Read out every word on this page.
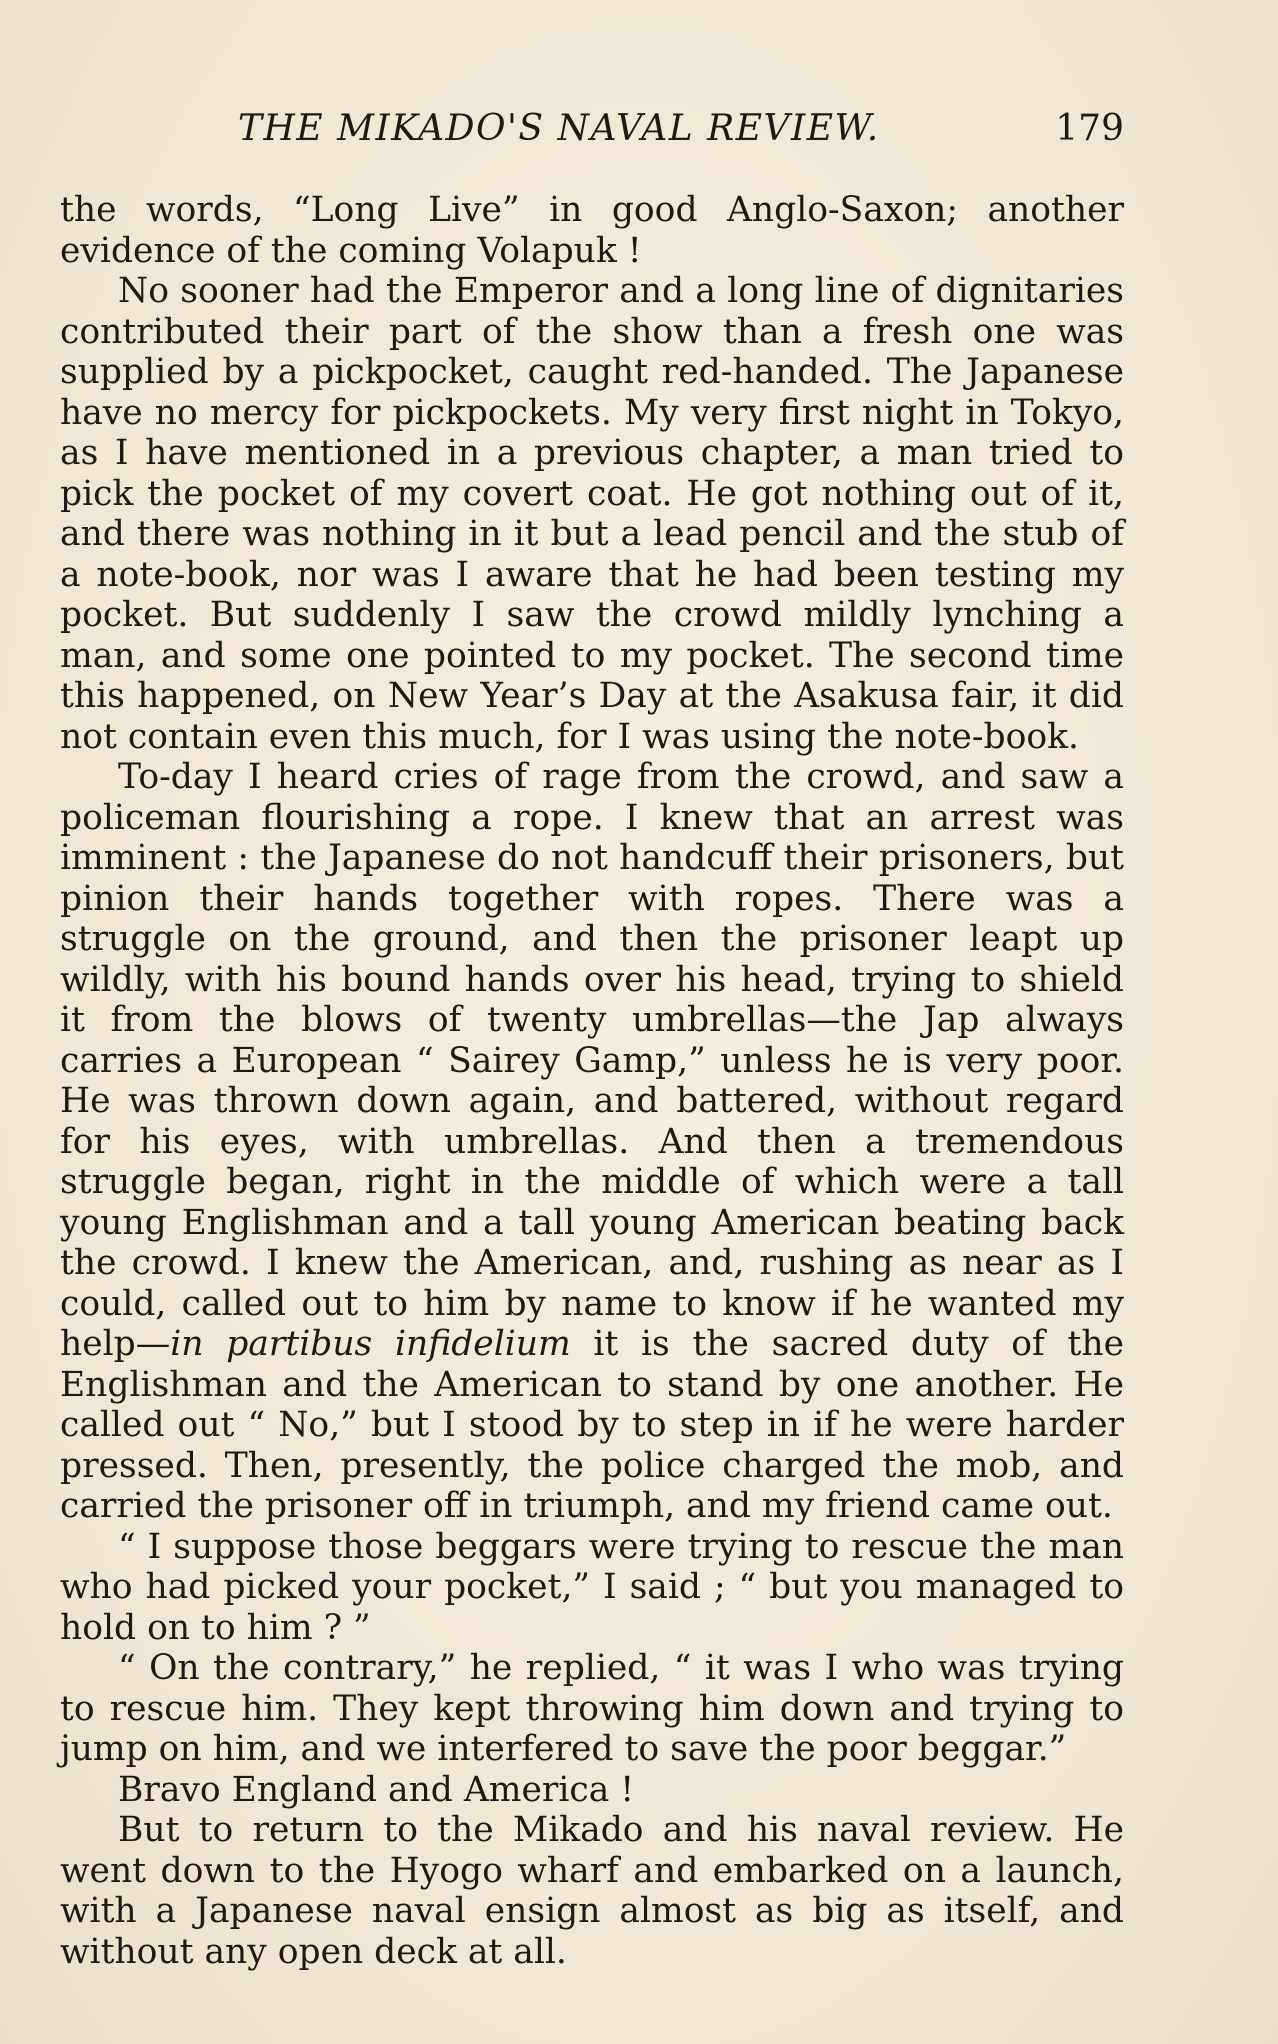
THE MIKADO'S NAVAL REVIEW.	179

the words, “Long Live” in good Anglo-Saxon; another evidence of the coming Volapuk !

No sooner had the Emperor and a long line of dignitaries contributed their part of the show than a fresh one was supplied by a pickpocket, caught red-handed. The Japanese have no mercy for pickpockets. My very first night in Tokyo, as I have mentioned in a previous chapter, a man tried to pick the pocket of my covert coat. He got nothing out of it, and there was nothing in it but a lead pencil and the stub of a note-book, nor was I aware that he had been testing my pocket. But suddenly I saw the crowd mildly lynching a man, and some one pointed to my pocket. The second time this happened, on New Year’s Day at the Asakusa fair, it did not contain even this much, for I was using the note-book.

To-day I heard cries of rage from the crowd, and saw a policeman flourishing a rope. I knew that an arrest was imminent : the Japanese do not handcuff their prisoners, but pinion their hands together with ropes. There was a struggle on the ground, and then the prisoner leapt up wildly, with his bound hands over his head, trying to shield it from the blows of twenty umbrellas—the Jap always carries a European “ Sairey Gamp,” unless he is very poor. He was thrown down again, and battered, without regard for his eyes, with umbrellas. And then a tremendous struggle began, right in the middle of which were a tall young Englishman and a tall young American beating back the crowd. I knew the American, and, rushing as near as I could, called out to him by name to know if he wanted my help—in partibus infidelium it is the sacred duty of the Englishman and the American to stand by one another. He called out “ No,” but I stood by to step in if he were harder pressed. Then, presently, the police charged the mob, and carried the prisoner off in triumph, and my friend came out.

“ I suppose those beggars were trying to rescue the man who had picked your pocket,” I said ; “ but you managed to hold on to him ? ”

“ On the contrary,” he replied, “ it was I who was trying to rescue him. They kept throwing him down and trying to jump on him, and we interfered to save the poor beggar.”

Bravo England and America !

But to return to the Mikado and his naval review. He went down to the Hyogo wharf and embarked on a launch, with a Japanese naval ensign almost as big as itself, and without any open deck at all.
